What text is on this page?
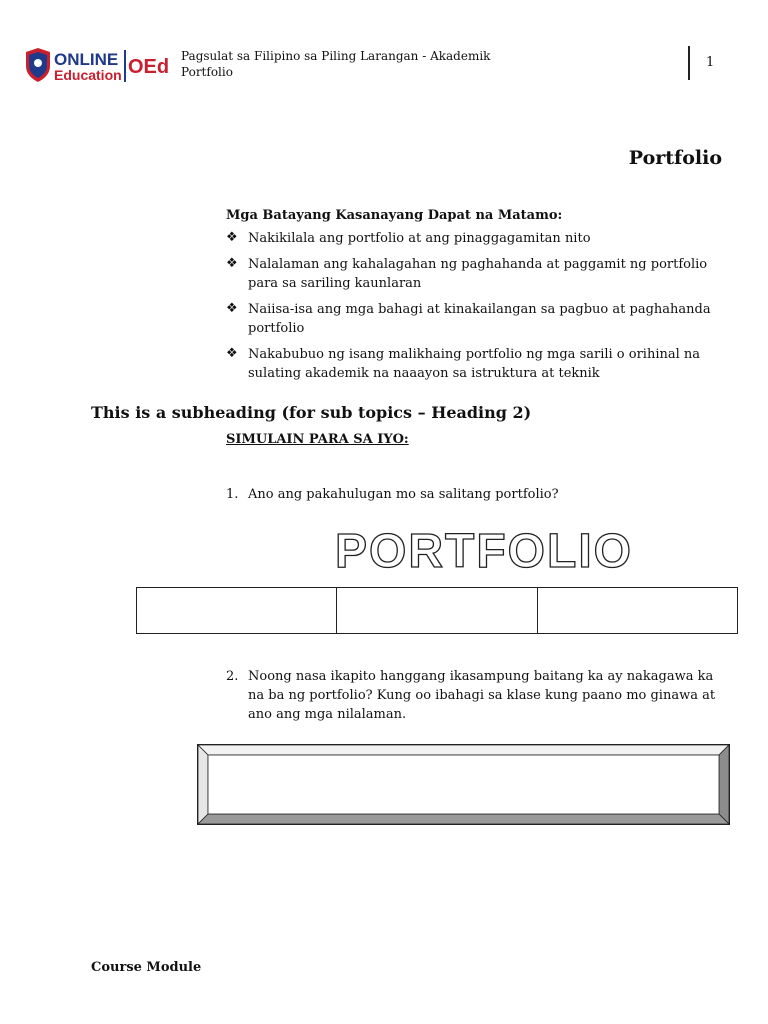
ONLINE
Education OEd Pagsulat sa Filipino sa Piling Larangan - Akademik
Portfolio
1
Portfolio
Mga Batayang Kasanayang Dapat na Matamo:
❖ Nakikilala ang portfolio at ang pinaggagamitan nito
❖ Nalalaman ang kahalagahan ng paghahanda at paggamit ng portfolio para sa sariling kaunlaran
❖ Naiisa-isa ang mga bahagi at kinakailangan sa pagbuo at paghahanda portfolio
❖ Nakabubuo ng isang malikhaing portfolio ng mga sarili o orihinal na sulating akademik na naaayon sa istruktura at teknik
This is a subheading (for sub topics – Heading 2)
SIMULAIN PARA SA IYO:
1. Ano ang pakahulugan mo sa salitang portfolio?
PORTFOLIO

2. Noong nasa ikapito hanggang ikasampung baitang ka ay nakagawa ka na ba ng portfolio? Kung oo ibahagi sa klase kung paano mo ginawa at ano ang mga nilalaman.
Course Module
